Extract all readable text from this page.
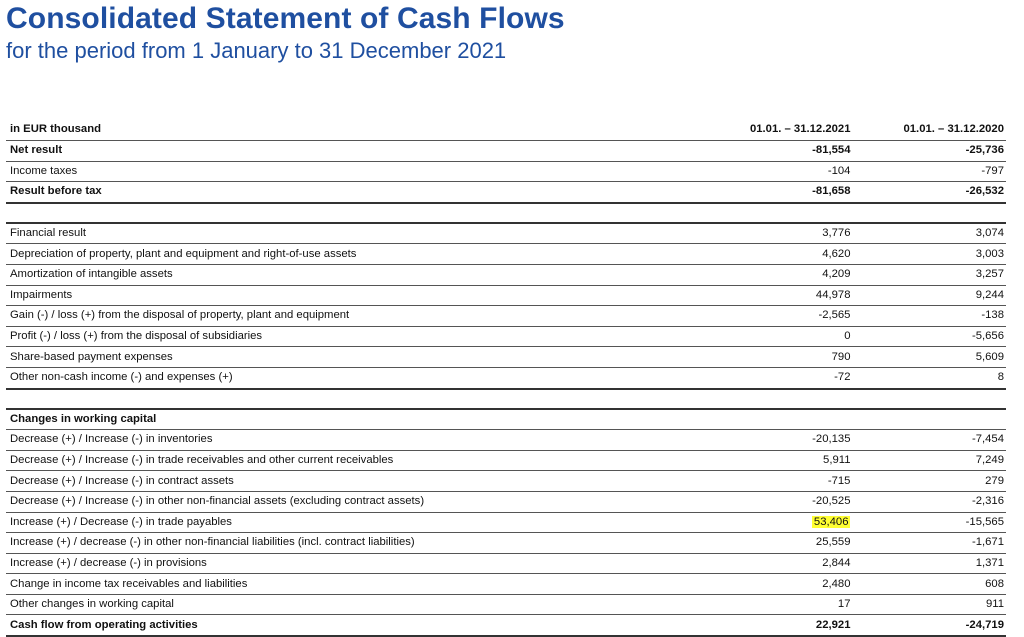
Consolidated Statement of Cash Flows
for the period from 1 January to 31 December 2021
in EUR thousand	01.01. – 31.12.2021	01.01. – 31.12.2020
Net result	-81,554	-25,736
Income taxes	-104	-797
Result before tax	-81,658	-26,532

Financial result	3,776	3,074
Depreciation of property, plant and equipment and right-of-use assets	4,620	3,003
Amortization of intangible assets	4,209	3,257
Impairments	44,978	9,244
Gain (-) / loss (+) from the disposal of property, plant and equipment	-2,565	-138
Profit (-) / loss (+) from the disposal of subsidiaries	0	-5,656
Share-based payment expenses	790	5,609
Other non-cash income (-) and expenses (+)	-72	8

Changes in working capital		
Decrease (+) / Increase (-) in inventories	-20,135	-7,454
Decrease (+) / Increase (-) in trade receivables and other current receivables	5,911	7,249
Decrease (+) / Increase (-) in contract assets	-715	279
Decrease (+) / Increase (-) in other non-financial assets (excluding contract assets)	-20,525	-2,316
Increase (+) / Decrease (-) in trade payables	53,406	-15,565
Increase (+) / decrease (-) in other non-financial liabilities (incl. contract liabilities)	25,559	-1,671
Increase (+) / decrease (-) in provisions	2,844	1,371
Change in income tax receivables and liabilities	2,480	608
Other changes in working capital	17	911
Cash flow from operating activities	22,921	-24,719
